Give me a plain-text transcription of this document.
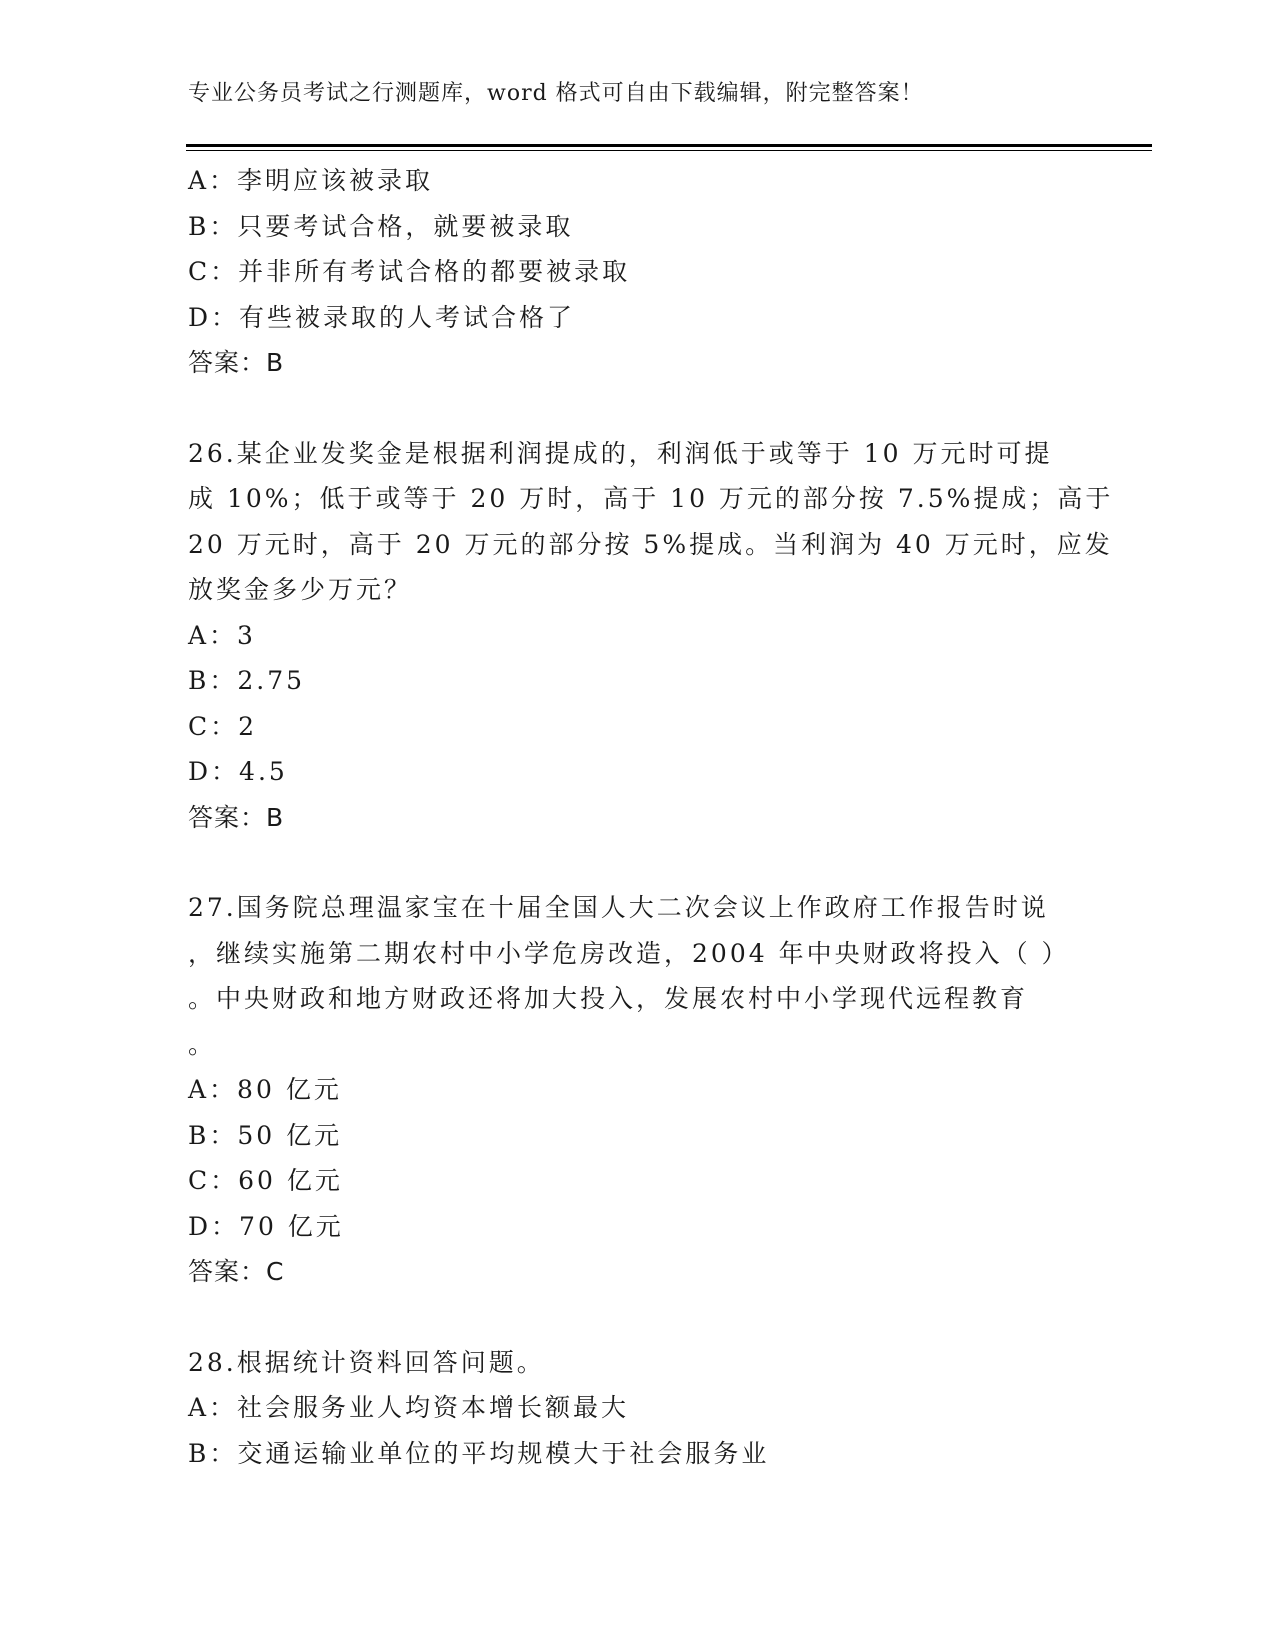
专业公务员考试之行测题库，word 格式可自由下载编辑，附完整答案！
A：李明应该被录取
B：只要考试合格，就要被录取
C：并非所有考试合格的都要被录取
D：有些被录取的人考试合格了
答案：B
26.某企业发奖金是根据利润提成的，利润低于或等于 10 万元时可提
成 10%；低于或等于 20 万时，高于 10 万元的部分按 7.5%提成；高于
20 万元时，高于 20 万元的部分按 5%提成。当利润为 40 万元时，应发
放奖金多少万元？
A：3
B：2.75
C：2
D：4.5
答案：B
27.国务院总理温家宝在十届全国人大二次会议上作政府工作报告时说
，继续实施第二期农村中小学危房改造，2004 年中央财政将投入（ ）
。中央财政和地方财政还将加大投入，发展农村中小学现代远程教育
。
A：80 亿元
B：50 亿元
C：60 亿元
D：70 亿元
答案：C
28.根据统计资料回答问题。
A：社会服务业人均资本增长额最大
B：交通运输业单位的平均规模大于社会服务业
